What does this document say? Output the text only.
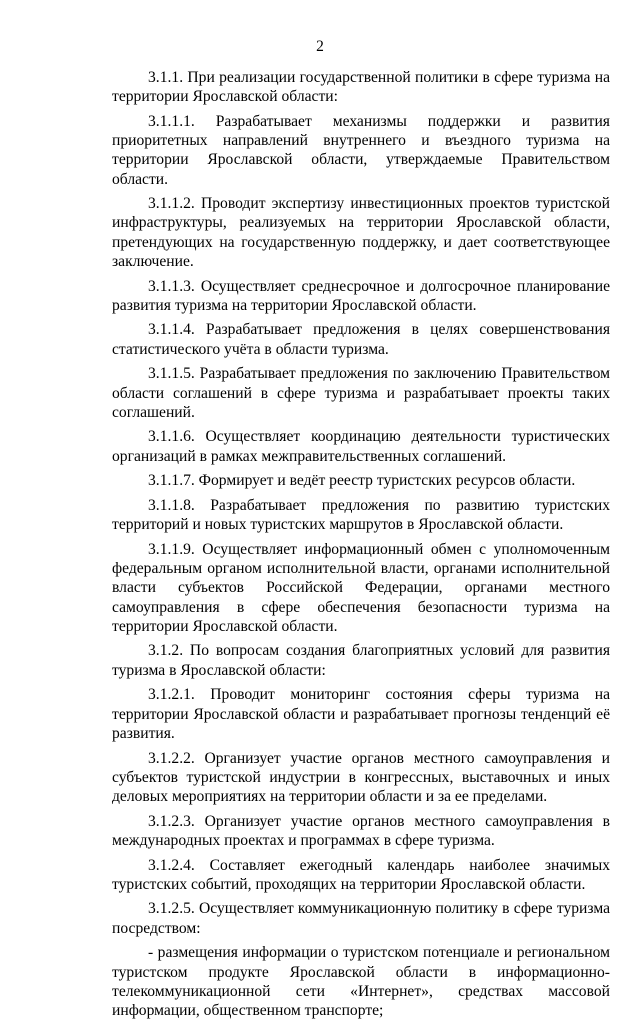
2

3.1.1. При реализации государственной политики в сфере туризма на территории Ярославской области:

3.1.1.1. Разрабатывает механизмы поддержки и развития приоритетных направлений внутреннего и въездного туризма на территории Ярославской области, утверждаемые Правительством области.

3.1.1.2. Проводит экспертизу инвестиционных проектов туристской инфраструктуры, реализуемых на территории Ярославской области, претендующих на государственную поддержку, и дает соответствующее заключение.

3.1.1.3. Осуществляет среднесрочное и долгосрочное планирование развития туризма на территории Ярославской области.

3.1.1.4. Разрабатывает предложения в целях совершенствования статистического учёта в области туризма.

3.1.1.5. Разрабатывает предложения по заключению Правительством области соглашений в сфере туризма и разрабатывает проекты таких соглашений.

3.1.1.6. Осуществляет координацию деятельности туристических организаций в рамках межправительственных соглашений.

3.1.1.7. Формирует и ведёт реестр туристских ресурсов области.

3.1.1.8. Разрабатывает предложения по развитию туристских территорий и новых туристских маршрутов в Ярославской области.

3.1.1.9. Осуществляет информационный обмен с уполномоченным федеральным органом исполнительной власти, органами исполнительной власти субъектов Российской Федерации, органами местного самоуправления в сфере обеспечения безопасности туризма на территории Ярославской области.

3.1.2. По вопросам создания благоприятных условий для развития туризма в Ярославской области:

3.1.2.1. Проводит мониторинг состояния сферы туризма на территории Ярославской области и разрабатывает прогнозы тенденций её развития.

3.1.2.2. Организует участие органов местного самоуправления и субъектов туристской индустрии в конгрессных, выставочных и иных деловых мероприятиях на территории области и за ее пределами.

3.1.2.3. Организует участие органов местного самоуправления в международных проектах и программах в сфере туризма.

3.1.2.4. Составляет ежегодный календарь наиболее значимых туристских событий, проходящих на территории Ярославской области.

3.1.2.5. Осуществляет коммуникационную политику в сфере туризма посредством:

- размещения информации о туристском потенциале и региональном туристском продукте Ярославской области в информационно-телекоммуникационной сети «Интернет», средствах массовой информации, общественном транспорте;
